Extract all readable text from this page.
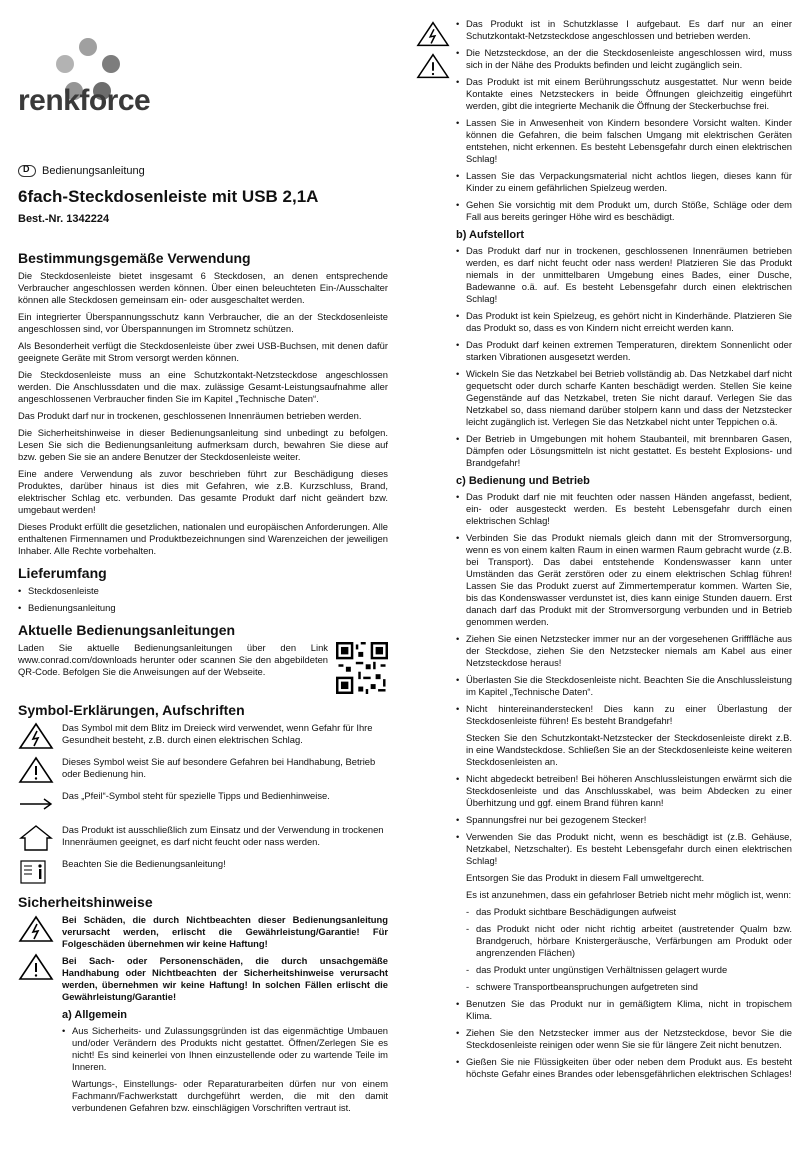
renkforce
D
Bedienungsanleitung
6fach-Steckdosenleiste mit USB 2,1A
Best.-Nr. 1342224
Bestimmungsgemäße Verwendung

Die Steckdosenleiste bietet insgesamt 6 Steckdosen, an denen entsprechende Verbraucher angeschlossen werden können. Über einen beleuchteten Ein-/Ausschalter können alle Steckdosen gemeinsam ein- oder ausgeschaltet werden.

Ein integrierter Überspannungsschutz kann Verbraucher, die an der Steckdosenleiste angeschlossen sind, vor Überspannungen im Stromnetz schützen.

Als Besonderheit verfügt die Steckdosenleiste über zwei USB-Buchsen, mit denen dafür geeignete Geräte mit Strom versorgt werden können.

Die Steckdosenleiste muss an eine Schutzkontakt-Netzsteckdose angeschlossen werden. Die Anschlussdaten und die max. zulässige Gesamt-Leistungsaufnahme aller angeschlossenen Verbraucher finden Sie im Kapitel „Technische Daten“.

Das Produkt darf nur in trockenen, geschlossenen Innenräumen betrieben werden.

Die Sicherheitshinweise in dieser Bedienungsanleitung sind unbedingt zu befolgen. Lesen Sie sich die Bedienungsanleitung aufmerksam durch, bewahren Sie diese auf bzw. geben Sie sie an andere Benutzer der Steckdosenleiste weiter.

Eine andere Verwendung als zuvor beschrieben führt zur Beschädigung dieses Produktes, darüber hinaus ist dies mit Gefahren, wie z.B. Kurzschluss, Brand, elektrischer Schlag etc. verbunden. Das gesamte Produkt darf nicht geändert bzw. umgebaut werden!

Dieses Produkt erfüllt die gesetzlichen, nationalen und europäischen Anforderungen. Alle enthaltenen Firmennamen und Produktbezeichnungen sind Warenzeichen der jeweiligen Inhaber. Alle Rechte vorbehalten.

Lieferumfang
• Steckdosenleiste
• Bedienungsanleitung
Aktuelle Bedienungsanleitungen

Laden Sie aktuelle Bedienungsanleitungen über den Link www.conrad.com/downloads herunter oder scannen Sie den abgebildeten QR-Code. Befolgen Sie die Anweisungen auf der Webseite.

Symbol-Erklärungen, Aufschriften
Das Symbol mit dem Blitz im Dreieck wird verwendet, wenn Gefahr für Ihre Gesundheit besteht, z.B. durch einen elektrischen Schlag.
Dieses Symbol weist Sie auf besondere Gefahren bei Handhabung, Betrieb oder Bedienung hin.
Das „Pfeil“-Symbol steht für spezielle Tipps und Bedienhinweise.
Das Produkt ist ausschließlich zum Einsatz und der Verwendung in trockenen Innenräumen geeignet, es darf nicht feucht oder nass werden.
Beachten Sie die Bedienungsanleitung!
Sicherheitshinweise
Bei Schäden, die durch Nichtbeachten dieser Bedienungsanleitung verursacht werden, erlischt die Gewährleistung/Garantie! Für Folgeschäden übernehmen wir keine Haftung!
Bei Sach- oder Personenschäden, die durch unsachgemäße Handhabung oder Nichtbeachten der Sicherheitshinweise verursacht werden, übernehmen wir keine Haftung! In solchen Fällen erlischt die Gewährleistung/Garantie!
a) Allgemein
• Aus Sicherheits- und Zulassungsgründen ist das eigenmächtige Umbauen und/oder Verändern des Produkts nicht gestattet. Öffnen/Zerlegen Sie es nicht! Es sind keinerlei von Ihnen einzustellende oder zu wartende Teile im Inneren.

Wartungs-, Einstellungs- oder Reparaturarbeiten dürfen nur von einem Fachmann/Fachwerkstatt durchgeführt werden, die mit den damit verbundenen Gefahren bzw. einschlägigen Vorschriften vertraut ist.

• Das Produkt ist in Schutzklasse I aufgebaut. Es darf nur an einer Schutzkontakt-Netzsteckdose angeschlossen und betrieben werden.
• Die Netzsteckdose, an der die Steckdosenleiste angeschlossen wird, muss sich in der Nähe des Produkts befinden und leicht zugänglich sein.
• Das Produkt ist mit einem Berührungsschutz ausgestattet. Nur wenn beide Kontakte eines Netzsteckers in beide Öffnungen gleichzeitig eingeführt werden, gibt die integrierte Mechanik die Öffnung der Steckerbuchse frei.
• Lassen Sie in Anwesenheit von Kindern besondere Vorsicht walten. Kinder können die Gefahren, die beim falschen Umgang mit elektrischen Geräten entstehen, nicht erkennen. Es besteht Lebensgefahr durch einen elektrischen Schlag!
• Lassen Sie das Verpackungsmaterial nicht achtlos liegen, dieses kann für Kinder zu einem gefährlichen Spielzeug werden.
• Gehen Sie vorsichtig mit dem Produkt um, durch Stöße, Schläge oder dem Fall aus bereits geringer Höhe wird es beschädigt.
b) Aufstellort
• Das Produkt darf nur in trockenen, geschlossenen Innenräumen betrieben werden, es darf nicht feucht oder nass werden! Platzieren Sie das Produkt niemals in der unmittelbaren Umgebung eines Bades, einer Dusche, Badewanne o.ä. auf. Es besteht Lebensgefahr durch einen elektrischen Schlag!
• Das Produkt ist kein Spielzeug, es gehört nicht in Kinderhände. Platzieren Sie das Produkt so, dass es von Kindern nicht erreicht werden kann.
• Das Produkt darf keinen extremen Temperaturen, direktem Sonnenlicht oder starken Vibrationen ausgesetzt werden.
• Wickeln Sie das Netzkabel bei Betrieb vollständig ab. Das Netzkabel darf nicht gequetscht oder durch scharfe Kanten beschädigt werden. Stellen Sie keine Gegenstände auf das Netzkabel, treten Sie nicht darauf. Verlegen Sie das Netzkabel so, dass niemand darüber stolpern kann und dass der Netzstecker leicht zugänglich ist. Verlegen Sie das Netzkabel nicht unter Teppichen o.ä.
• Der Betrieb in Umgebungen mit hohem Staubanteil, mit brennbaren Gasen, Dämpfen oder Lösungsmitteln ist nicht gestattet. Es besteht Explosions- und Brandgefahr!
c) Bedienung und Betrieb
• Das Produkt darf nie mit feuchten oder nassen Händen angefasst, bedient, ein- oder ausgesteckt werden. Es besteht Lebensgefahr durch einen elektrischen Schlag!
• Verbinden Sie das Produkt niemals gleich dann mit der Stromversorgung, wenn es von einem kalten Raum in einen warmen Raum gebracht wurde (z.B. bei Transport). Das dabei entstehende Kondenswasser kann unter Umständen das Gerät zerstören oder zu einem elektrischen Schlag führen! Lassen Sie das Produkt zuerst auf Zimmertemperatur kommen. Warten Sie, bis das Kondenswasser verdunstet ist, dies kann einige Stunden dauern. Erst danach darf das Produkt mit der Stromversorgung verbunden und in Betrieb genommen werden.
• Ziehen Sie einen Netzstecker immer nur an der vorgesehenen Grifffläche aus der Steckdose, ziehen Sie den Netzstecker niemals am Kabel aus einer Netzsteckdose heraus!
• Überlasten Sie die Steckdosenleiste nicht. Beachten Sie die Anschlussleistung im Kapitel „Technische Daten“.
• Nicht hintereinanderstecken! Dies kann zu einer Überlastung der Steckdosenleiste führen! Es besteht Brandgefahr!

Stecken Sie den Schutzkontakt-Netzstecker der Steckdosenleiste direkt z.B. in eine Wandsteckdose. Schließen Sie an der Steckdosenleiste keine weiteren Steckdosenleisten an.

• Nicht abgedeckt betreiben! Bei höheren Anschlussleistungen erwärmt sich die Steckdosenleiste und das Anschlusskabel, was beim Abdecken zu einer Überhitzung und ggf. einem Brand führen kann!
• Spannungsfrei nur bei gezogenem Stecker!
• Verwenden Sie das Produkt nicht, wenn es beschädigt ist (z.B. Gehäuse, Netzkabel, Netzschalter). Es besteht Lebensgefahr durch einen elektrischen Schlag!

Entsorgen Sie das Produkt in diesem Fall umweltgerecht.

Es ist anzunehmen, dass ein gefahrloser Betrieb nicht mehr möglich ist, wenn:

- das Produkt sichtbare Beschädigungen aufweist
- das Produkt nicht oder nicht richtig arbeitet (austretender Qualm bzw. Brandgeruch, hörbare Knistergeräusche, Verfärbungen am Produkt oder angrenzenden Flächen)
- das Produkt unter ungünstigen Verhältnissen gelagert wurde
- schwere Transportbeanspruchungen aufgetreten sind
• Benutzen Sie das Produkt nur in gemäßigtem Klima, nicht in tropischem Klima.
• Ziehen Sie den Netzstecker immer aus der Netzsteckdose, bevor Sie die Steckdosenleiste reinigen oder wenn Sie sie für längere Zeit nicht benutzen.
• Gießen Sie nie Flüssigkeiten über oder neben dem Produkt aus. Es besteht höchste Gefahr eines Brandes oder lebensgefährlichen elektrischen Schlages!
